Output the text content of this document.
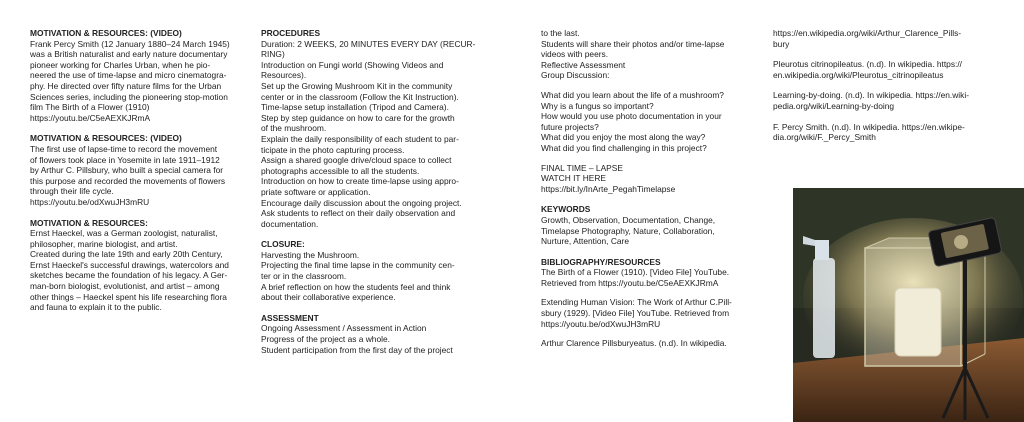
MOTIVATION & RESOURCES: (VIDEO)
Frank Percy Smith (12 January 1880–24 March 1945)
was a British naturalist and early nature documentary
pioneer working for Charles Urban, when he pio-
neered the use of time-lapse and micro cinematogra-
phy. He directed over fifty nature films for the Urban
Sciences series, including the pioneering stop-motion
film The Birth of a Flower (1910)
https://youtu.be/C5eAEXKJRmA
MOTIVATION & RESOURCES: (VIDEO)
The first use of lapse-time to record the movement
of flowers took place in Yosemite in late 1911–1912
by Arthur C. Pillsbury, who built a special camera for
this purpose and recorded the movements of flowers
through their life cycle.
https://youtu.be/odXwuJH3mRU
MOTIVATION & RESOURCES:
Ernst Haeckel, was a German zoologist, naturalist,
philosopher, marine biologist, and artist.
Created during the late 19th and early 20th Century,
Ernst Haeckel's successful drawings, watercolors and
sketches became the foundation of his legacy. A Ger-
man-born biologist, evolutionist, and artist – among
other things – Haeckel spent his life researching flora
and fauna to explain it to the public.
PROCEDURES
Duration: 2 WEEKS, 20 MINUTES EVERY DAY (RECUR-
RING)
Introduction on Fungi world (Showing Videos and
Resources).
Set up the Growing Mushroom Kit in the community
center or in the classroom (Follow the Kit Instruction).
Time-lapse setup installation (Tripod and Camera).
Step by step guidance on how to care for the growth
of the mushroom.
Explain the daily responsibility of each student to par-
ticipate in the photo capturing process.
Assign a shared google drive/cloud space to collect
photographs accessible to all the students.
Introduction on how to create time-lapse using appro-
priate software or application.
Encourage daily discussion about the ongoing project.
Ask students to reflect on their daily observation and
documentation.
CLOSURE:
Harvesting the Mushroom.
Projecting the final time lapse in the community cen-
ter or in the classroom.
A brief reflection on how the students feel and think
about their collaborative experience.
ASSESSMENT
Ongoing Assessment / Assessment in Action
Progress of the project as a whole.
Student participation from the first day of the project
to the last.
Students will share their photos and/or time-lapse
videos with peers.
Reflective Assessment
Group Discussion:
What did you learn about the life of a mushroom?
Why is a fungus so important?
How would you use photo documentation in your
future projects?
What did you enjoy the most along the way?
What did you find challenging in this project?
FINAL TIME – LAPSE
WATCH IT HERE
https://bit.ly/InArte_PegahTimelapse
KEYWORDS
Growth, Observation, Documentation, Change,
Timelapse Photography, Nature, Collaboration,
Nurture, Attention, Care
BIBLIOGRAPHY/RESOURCES
The Birth of a Flower (1910). [Video File] YouTube.
Retrieved from https://youtu.be/C5eAEXKJRmA
Extending Human Vision: The Work of Arthur C.Pill-
sbury (1929). [Video File] YouTube. Retrieved from
https://youtu.be/odXwuJH3mRU
Arthur Clarence Pillsburyeatus. (n.d). In wikipedia.
https://en.wikipedia.org/wiki/Arthur_Clarence_Pills-
bury
Pleurotus citrinopileatus. (n.d). In wikipedia. https://
en.wikipedia.org/wiki/Pleurotus_citrinopileatus
Learning-by-doing. (n.d). In wikipedia. https://en.wiki-
pedia.org/wiki/Learning-by-doing
F. Percy Smith. (n.d). In wikipedia. https://en.wikipe-
dia.org/wiki/F._Percy_Smith
